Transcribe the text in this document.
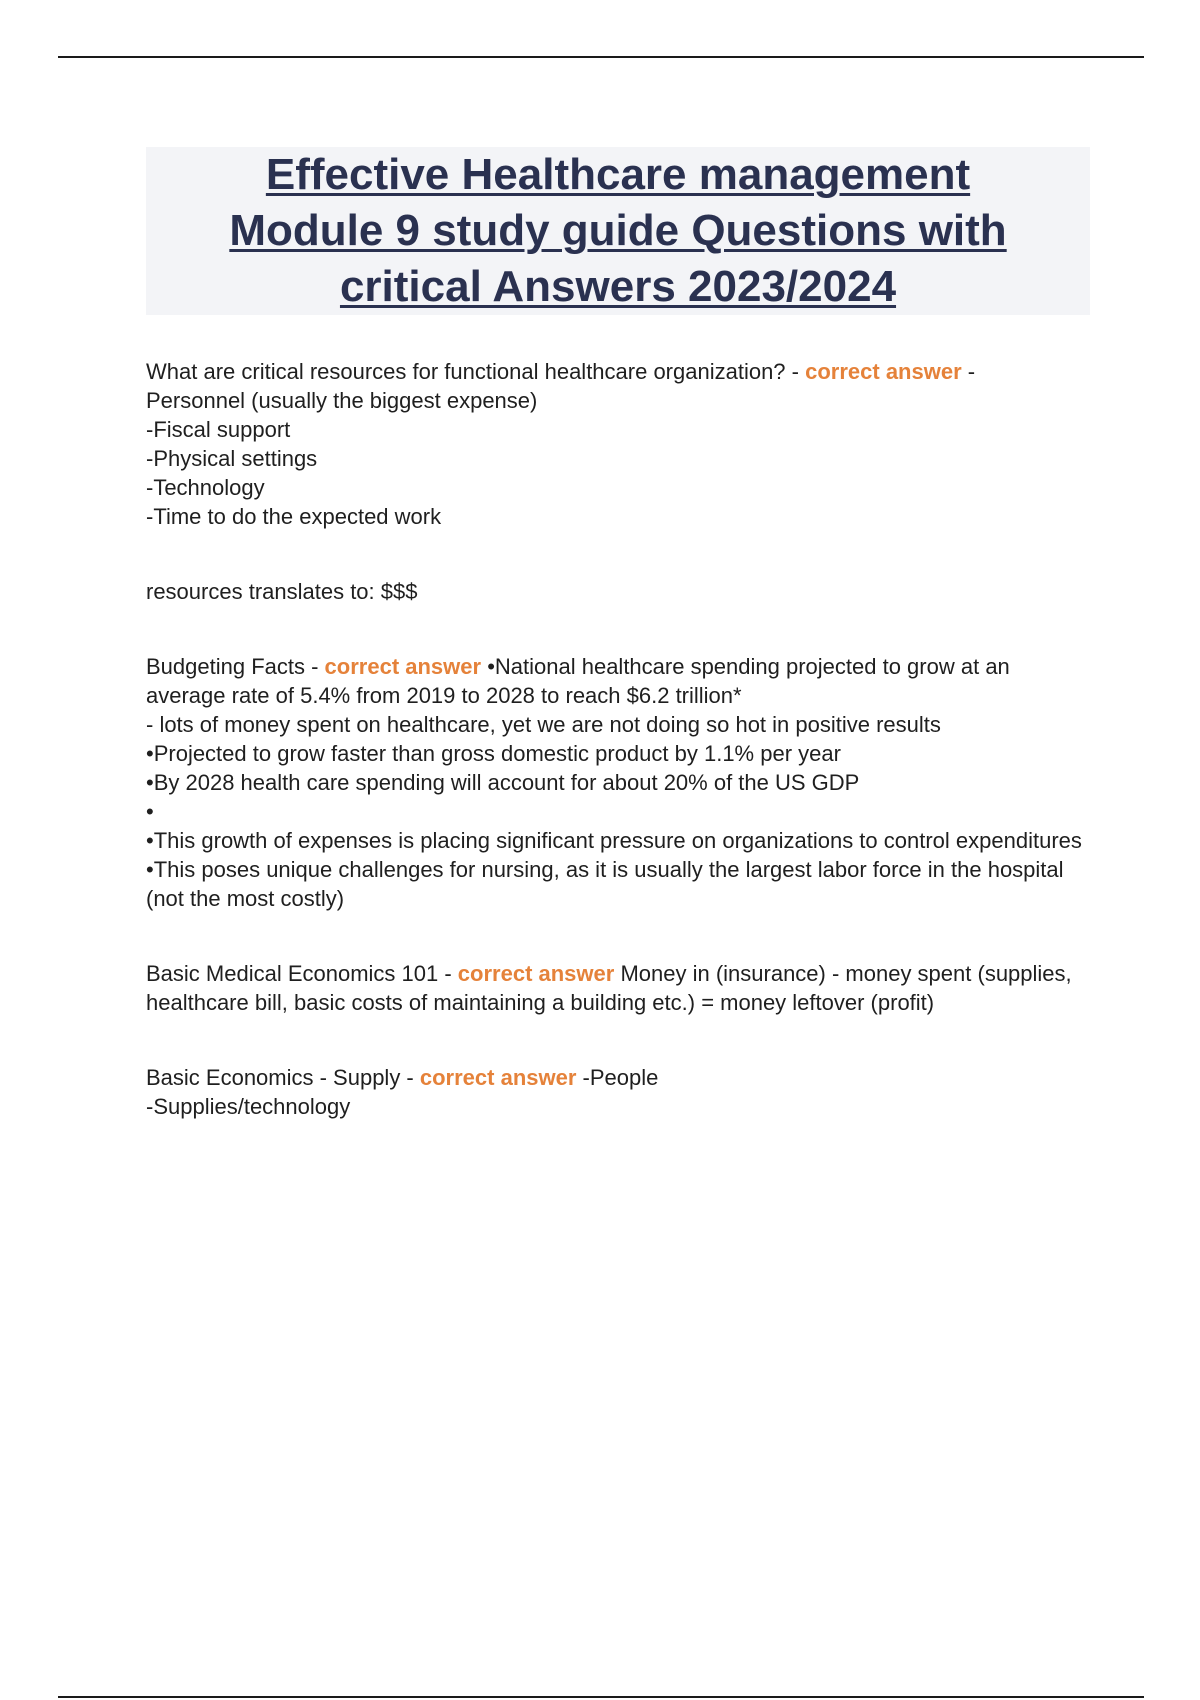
Effective Healthcare management
Module 9 study guide Questions with
critical Answers 2023/2024

What are critical resources for functional healthcare organization? - correct answer -
Personnel (usually the biggest expense)

-Fiscal support

-Physical settings

-Technology

-Time to do the expected work

resources translates to: $$$

Budgeting Facts - correct answer •National healthcare spending projected to grow at an average rate of 5.4% from 2019 to 2028 to reach $6.2 trillion*

- lots of money spent on healthcare, yet we are not doing so hot in positive results

•Projected to grow faster than gross domestic product by 1.1% per year

•By 2028 health care spending will account for about 20% of the US GDP

•

•This growth of expenses is placing significant pressure on organizations to control expenditures

•This poses unique challenges for nursing, as it is usually the largest labor force in the hospital (not the most costly)

Basic Medical Economics 101 - correct answer Money in (insurance) - money spent (supplies, healthcare bill, basic costs of maintaining a building etc.) = money leftover (profit)

Basic Economics - Supply - correct answer -People

-Supplies/technology
